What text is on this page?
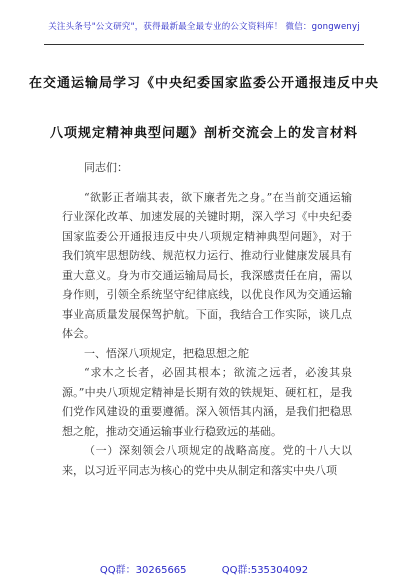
关注头条号"公文研究"，获得最新最全最专业的公文资料库！ 微信：gongwenyj
在交通运输局学习《中央纪委国家监委公开通报违反中央
八项规定精神典型问题》剖析交流会上的发言材料

同志们：

“欲影正者端其表，欲下廉者先之身。”在当前交通运输行业深化改革、加速发展的关键时期，深入学习《中央纪委国家监委公开通报违反中央八项规定精神典型问题》，对于我们筑牢思想防线、规范权力运行、推动行业健康发展具有重大意义。身为市交通运输局局长，我深感责任在肩，需以身作则，引领全系统坚守纪律底线，以优良作风为交通运输事业高质量发展保驾护航。下面，我结合工作实际，谈几点体会。

一、悟深八项规定，把稳思想之舵

“求木之长者，必固其根本；欲流之远者，必浚其泉源。”中央八项规定精神是长期有效的铁规矩、硬杠杠，是我们党作风建设的重要遵循。深入领悟其内涵，是我们把稳思想之舵，推动交通运输事业行稳致远的基础。

（一）深刻领会八项规定的战略高度。党的十八大以来，以习近平同志为核心的党中央从制定和落实中央八项

QQ群：30265665	QQ群:535304092
